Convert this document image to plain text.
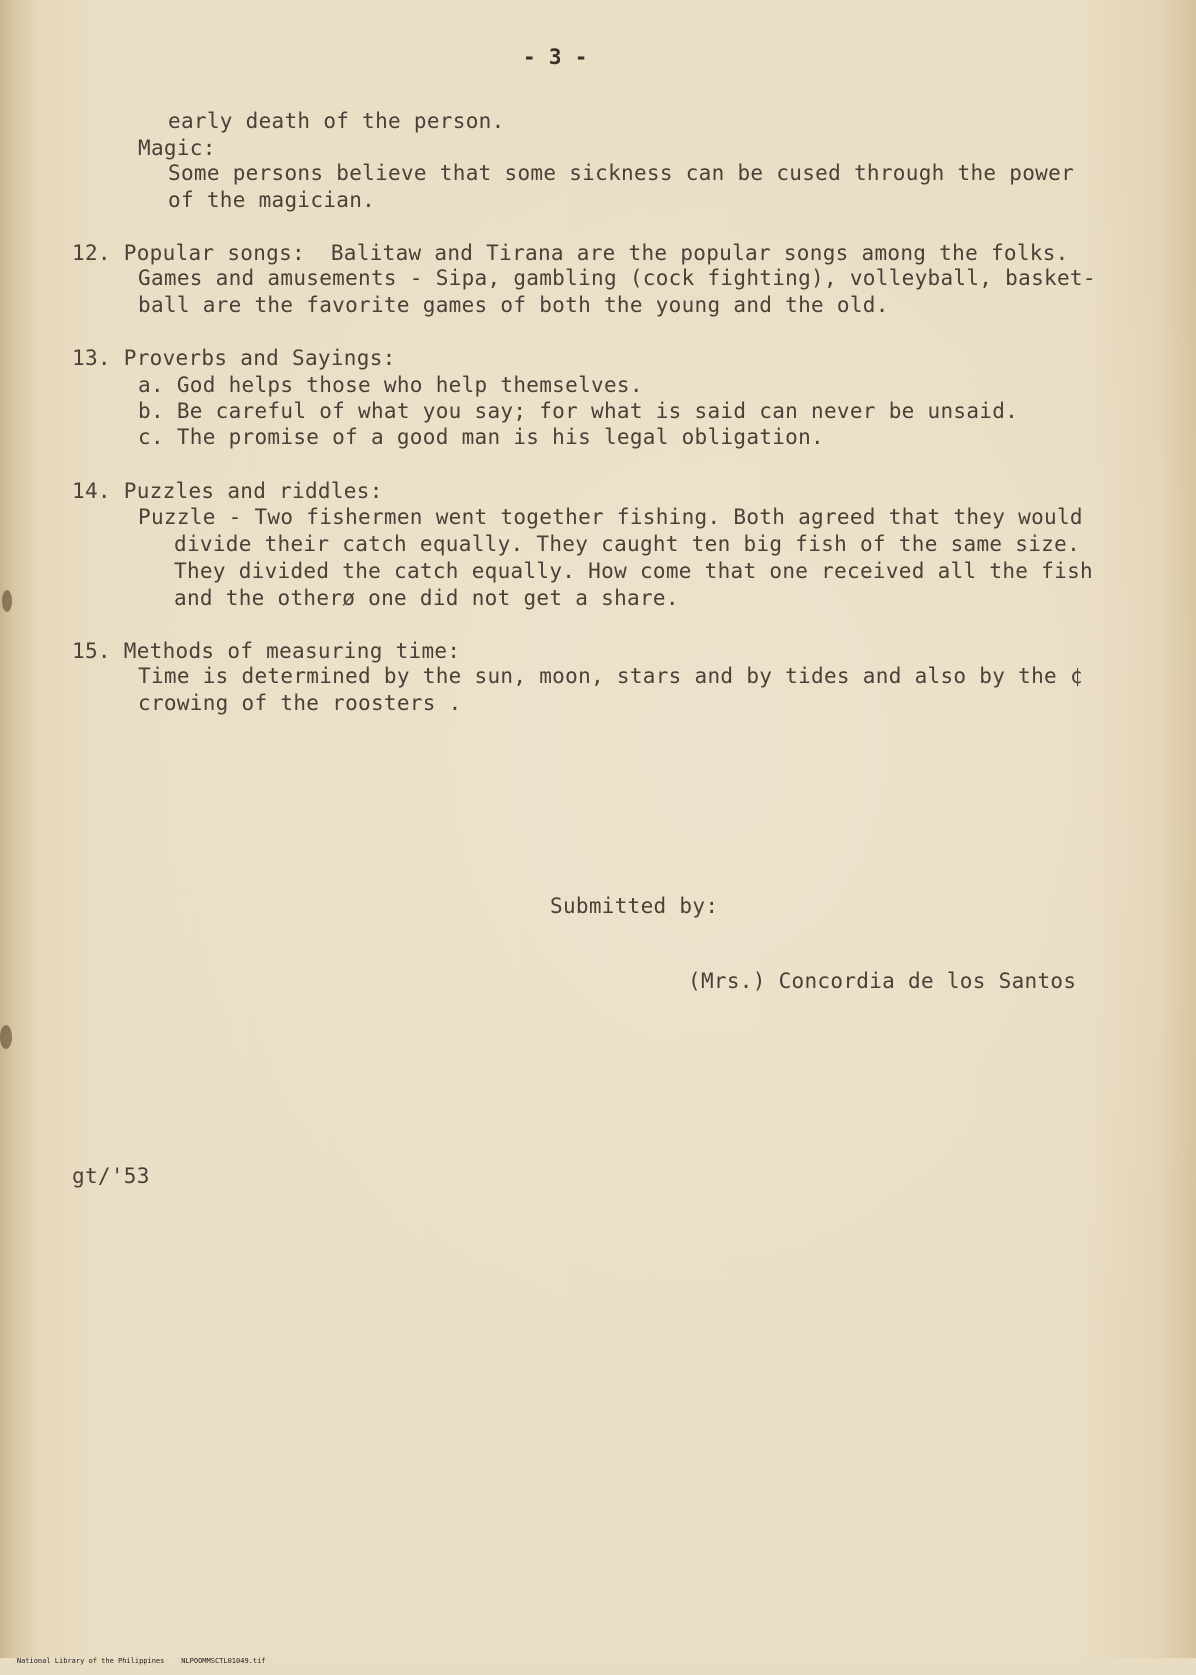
- 3 -
early death of the person.
Magic:
Some persons believe that some sickness can be cused through the power
of the magician.
12. Popular songs:  Balitaw and Tirana are the popular songs among the folks.
Games and amusements - Sipa, gambling (cock fighting), volleyball, basket-
ball are the favorite games of both the young and the old.
13. Proverbs and Sayings:
a. God helps those who help themselves.
b. Be careful of what you say; for what is said can never be unsaid.
c. The promise of a good man is his legal obligation.
14. Puzzles and riddles:
Puzzle - Two fishermen went together fishing. Both agreed that they would
divide their catch equally. They caught ten big fish of the same size.
They divided the catch equally. How come that one received all the fish
and the otherø one did not get a share.
15. Methods of measuring time:
Time is determined by the sun, moon, stars and by tides and also by the ¢
crowing of the roosters .
Submitted by:
(Mrs.) Concordia de los Santos
gt/'53

National Library of the Philippines NLPOOMMSCTL01049.tif
